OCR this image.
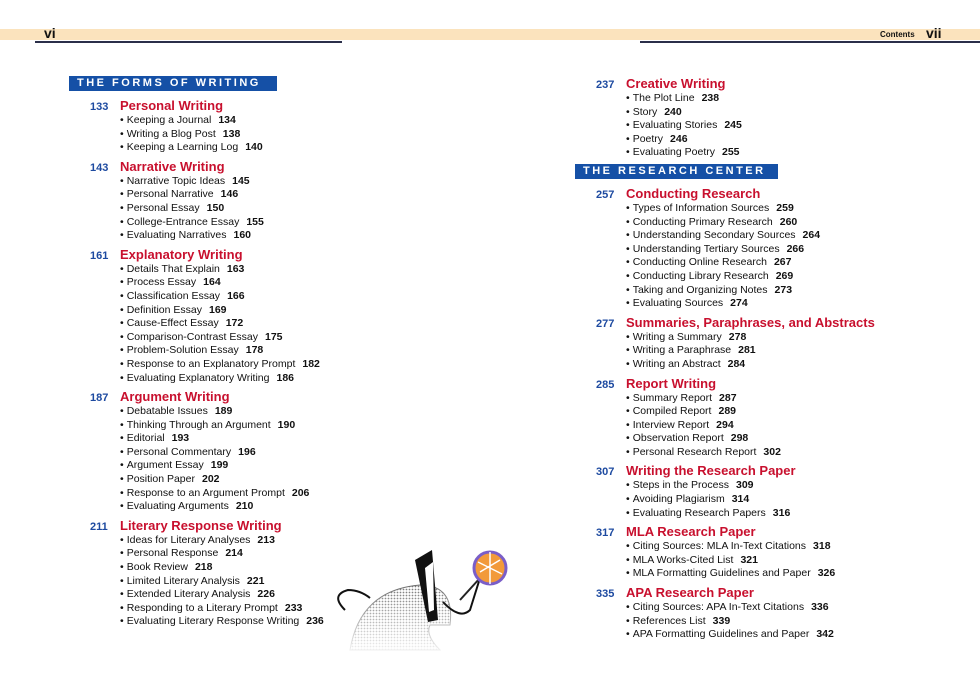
vi	Contents vii
THE FORMS OF WRITING
133 Personal Writing
• Keeping a Journal 134
• Writing a Blog Post 138
• Keeping a Learning Log 140
143 Narrative Writing
• Narrative Topic Ideas 145
• Personal Narrative 146
• Personal Essay 150
• College-Entrance Essay 155
• Evaluating Narratives 160
161 Explanatory Writing
• Details That Explain 163
• Process Essay 164
• Classification Essay 166
• Definition Essay 169
• Cause-Effect Essay 172
• Comparison-Contrast Essay 175
• Problem-Solution Essay 178
• Response to an Explanatory Prompt 182
• Evaluating Explanatory Writing 186
187 Argument Writing
• Debatable Issues 189
• Thinking Through an Argument 190
• Editorial 193
• Personal Commentary 196
• Argument Essay 199
• Position Paper 202
• Response to an Argument Prompt 206
• Evaluating Arguments 210
211 Literary Response Writing
• Ideas for Literary Analyses 213
• Personal Response 214
• Book Review 218
• Limited Literary Analysis 221
• Extended Literary Analysis 226
• Responding to a Literary Prompt 233
• Evaluating Literary Response Writing 236
237 Creative Writing
• The Plot Line 238
• Story 240
• Evaluating Stories 245
• Poetry 246
• Evaluating Poetry 255
THE RESEARCH CENTER
257 Conducting Research
• Types of Information Sources 259
• Conducting Primary Research 260
• Understanding Secondary Sources 264
• Understanding Tertiary Sources 266
• Conducting Online Research 267
• Conducting Library Research 269
• Taking and Organizing Notes 273
• Evaluating Sources 274
277 Summaries, Paraphrases, and Abstracts
• Writing a Summary 278
• Writing a Paraphrase 281
• Writing an Abstract 284
285 Report Writing
• Summary Report 287
• Compiled Report 289
• Interview Report 294
• Observation Report 298
• Personal Research Report 302
307 Writing the Research Paper
• Steps in the Process 309
• Avoiding Plagiarism 314
• Evaluating Research Papers 316
317 MLA Research Paper
• Citing Sources: MLA In-Text Citations 318
• MLA Works-Cited List 321
• MLA Formatting Guidelines and Paper 326
335 APA Research Paper
• Citing Sources: APA In-Text Citations 336
• References List 339
• APA Formatting Guidelines and Paper 342
